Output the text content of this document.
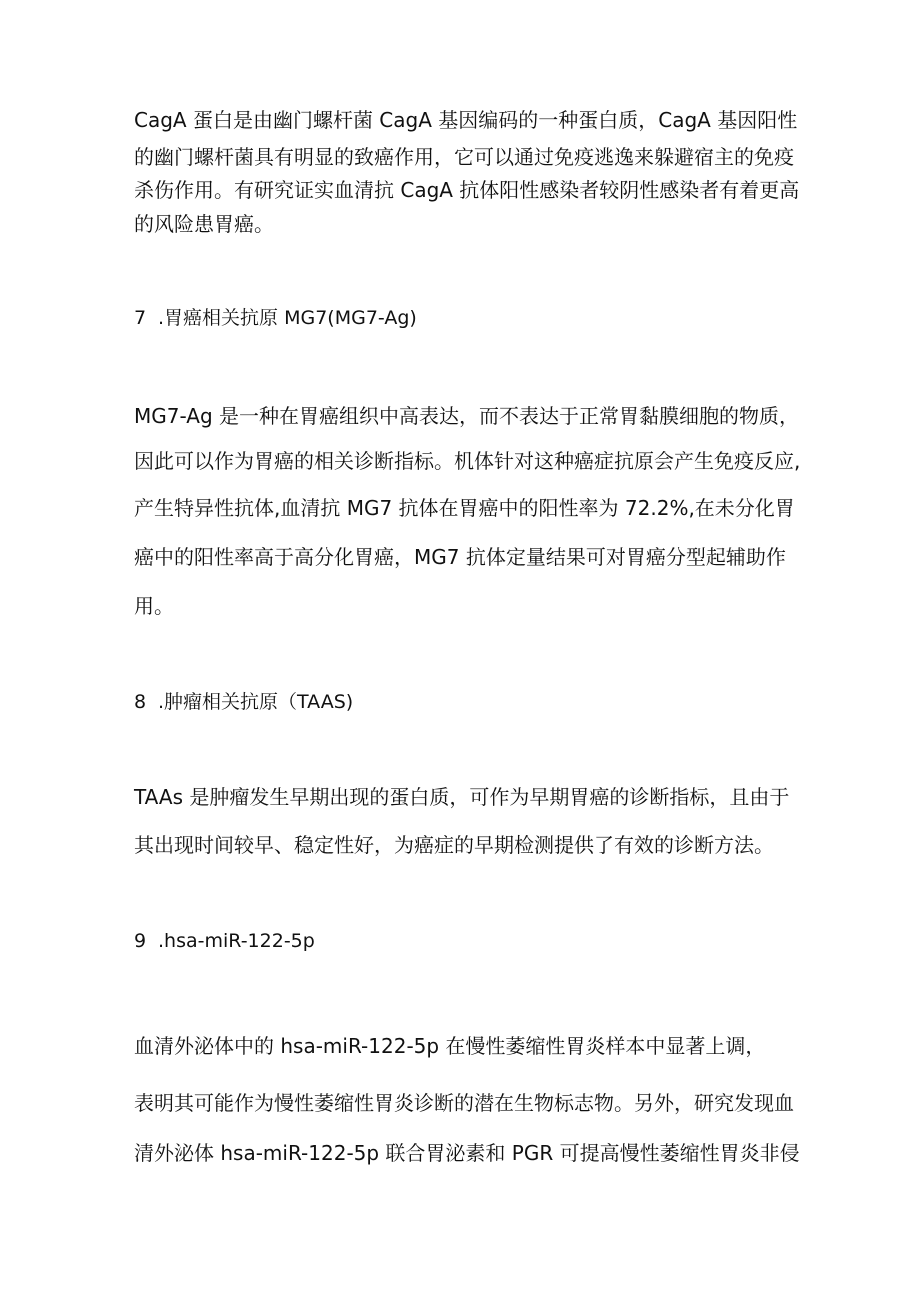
CagA 蛋白是由幽门螺杆菌 CagA 基因编码的一种蛋白质，CagA 基因阳性
的幽门螺杆菌具有明显的致癌作用，它可以通过免疫逃逸来躲避宿主的免疫
杀伤作用。有研究证实血清抗 CagA 抗体阳性感染者较阴性感染者有着更高
的风险患胃癌。
7 .胃癌相关抗原 MG7(MG7-Ag)
MG7-Ag 是一种在胃癌组织中高表达，而不表达于正常胃黏膜细胞的物质，
因此可以作为胃癌的相关诊断指标。机体针对这种癌症抗原会产生免疫反应,
产生特异性抗体,血清抗 MG7 抗体在胃癌中的阳性率为 72.2%,在未分化胃
癌中的阳性率高于高分化胃癌，MG7 抗体定量结果可对胃癌分型起辅助作
用。
8 .肿瘤相关抗原（TAAS)
TAAs 是肿瘤发生早期出现的蛋白质，可作为早期胃癌的诊断指标，且由于
其出现时间较早、稳定性好，为癌症的早期检测提供了有效的诊断方法。
9 .hsa-miR-122-5p
血清外泌体中的 hsa-miR-122-5p 在慢性萎缩性胃炎样本中显著上调，
表明其可能作为慢性萎缩性胃炎诊断的潜在生物标志物。另外，研究发现血
清外泌体 hsa-miR-122-5p 联合胃泌素和 PGR 可提高慢性萎缩性胃炎非侵
